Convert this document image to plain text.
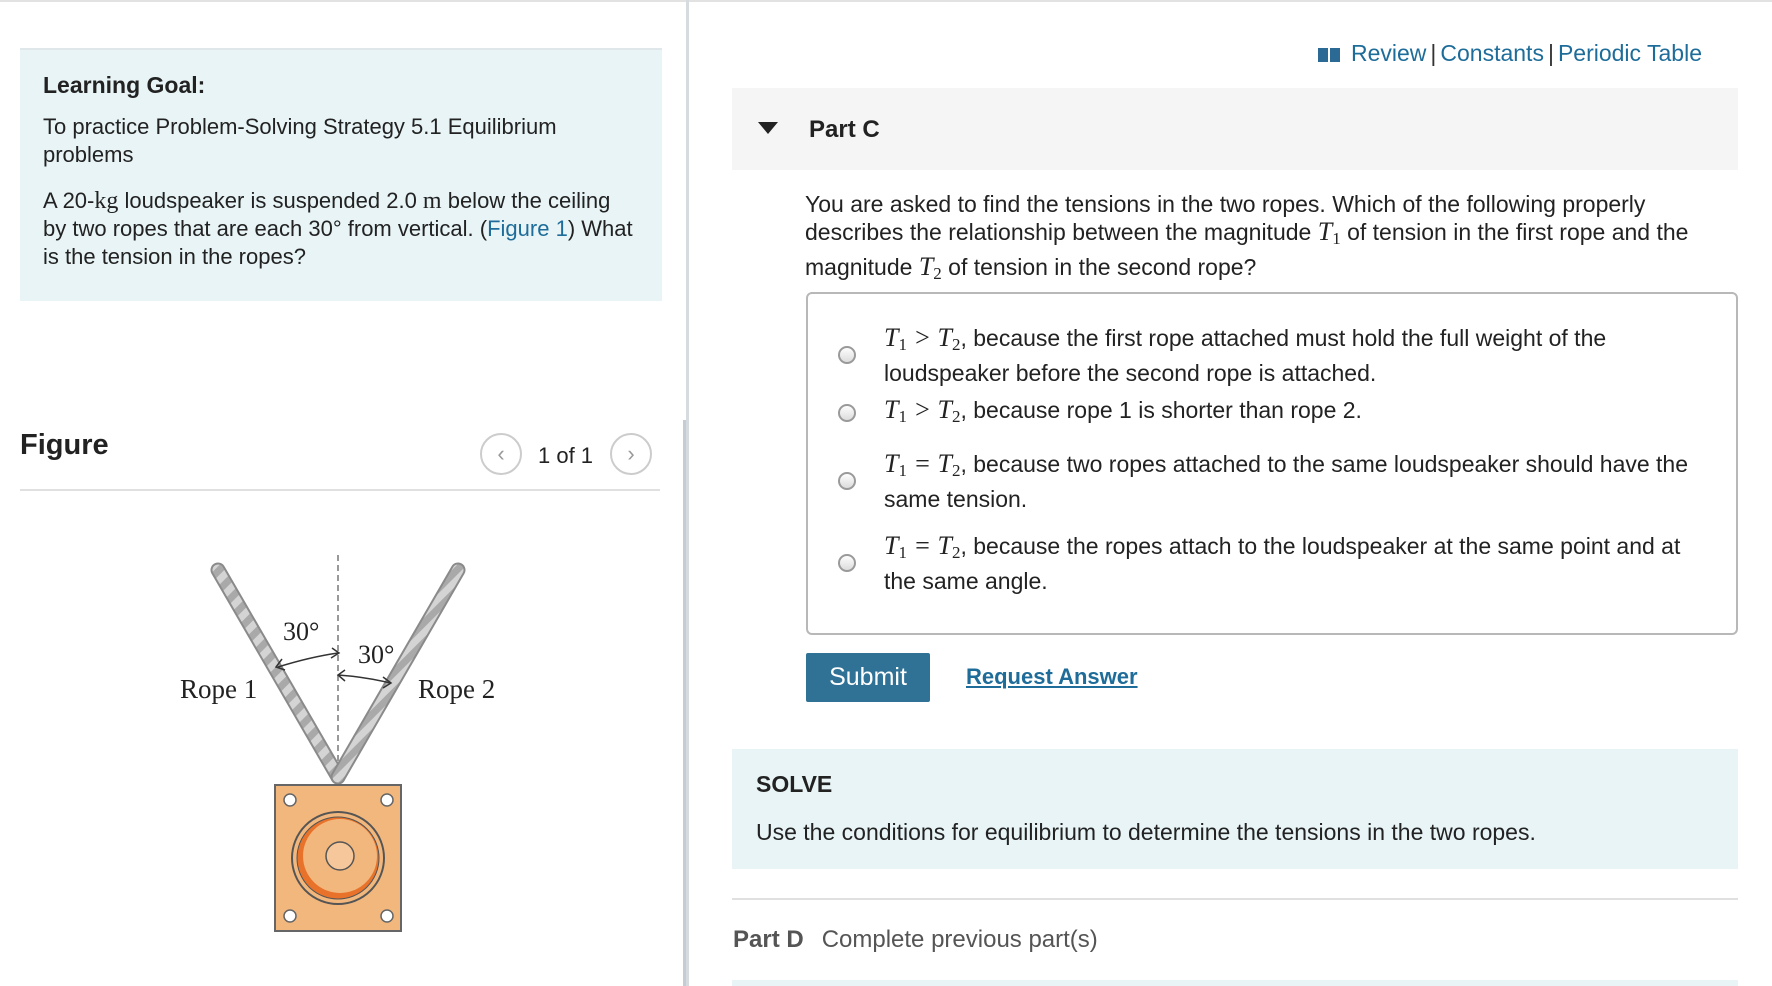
Learning Goal:

To practice Problem-Solving Strategy 5.1 Equilibrium problems

A 20-kg loudspeaker is suspended 2.0 m below the ceiling by two ropes that are each 30° from vertical. (Figure 1) What is the tension in the ropes?

Figure	‹ 1 of 1 ›
30°
30°
Rope 1	Rope 2
Review | Constants | Periodic Table
Part C
You are asked to find the tensions in the two ropes. Which of the following properly describes the relationship between the magnitude $T_1$ of tension in the first rope and the magnitude $T_2$ of tension in the second rope?
$T_1 > T_2$, because the first rope attached must hold the full weight of the loudspeaker before the second rope is attached.
$T_1 > T_2$, because rope 1 is shorter than rope 2.
$T_1 = T_2$, because two ropes attached to the same loudspeaker should have the same tension.
$T_1 = T_2$, because the ropes attach to the loudspeaker at the same point and at the same angle.
Submit	Request Answer
SOLVE

Use the conditions for equilibrium to determine the tensions in the two ropes.

Part D Complete previous part(s)
